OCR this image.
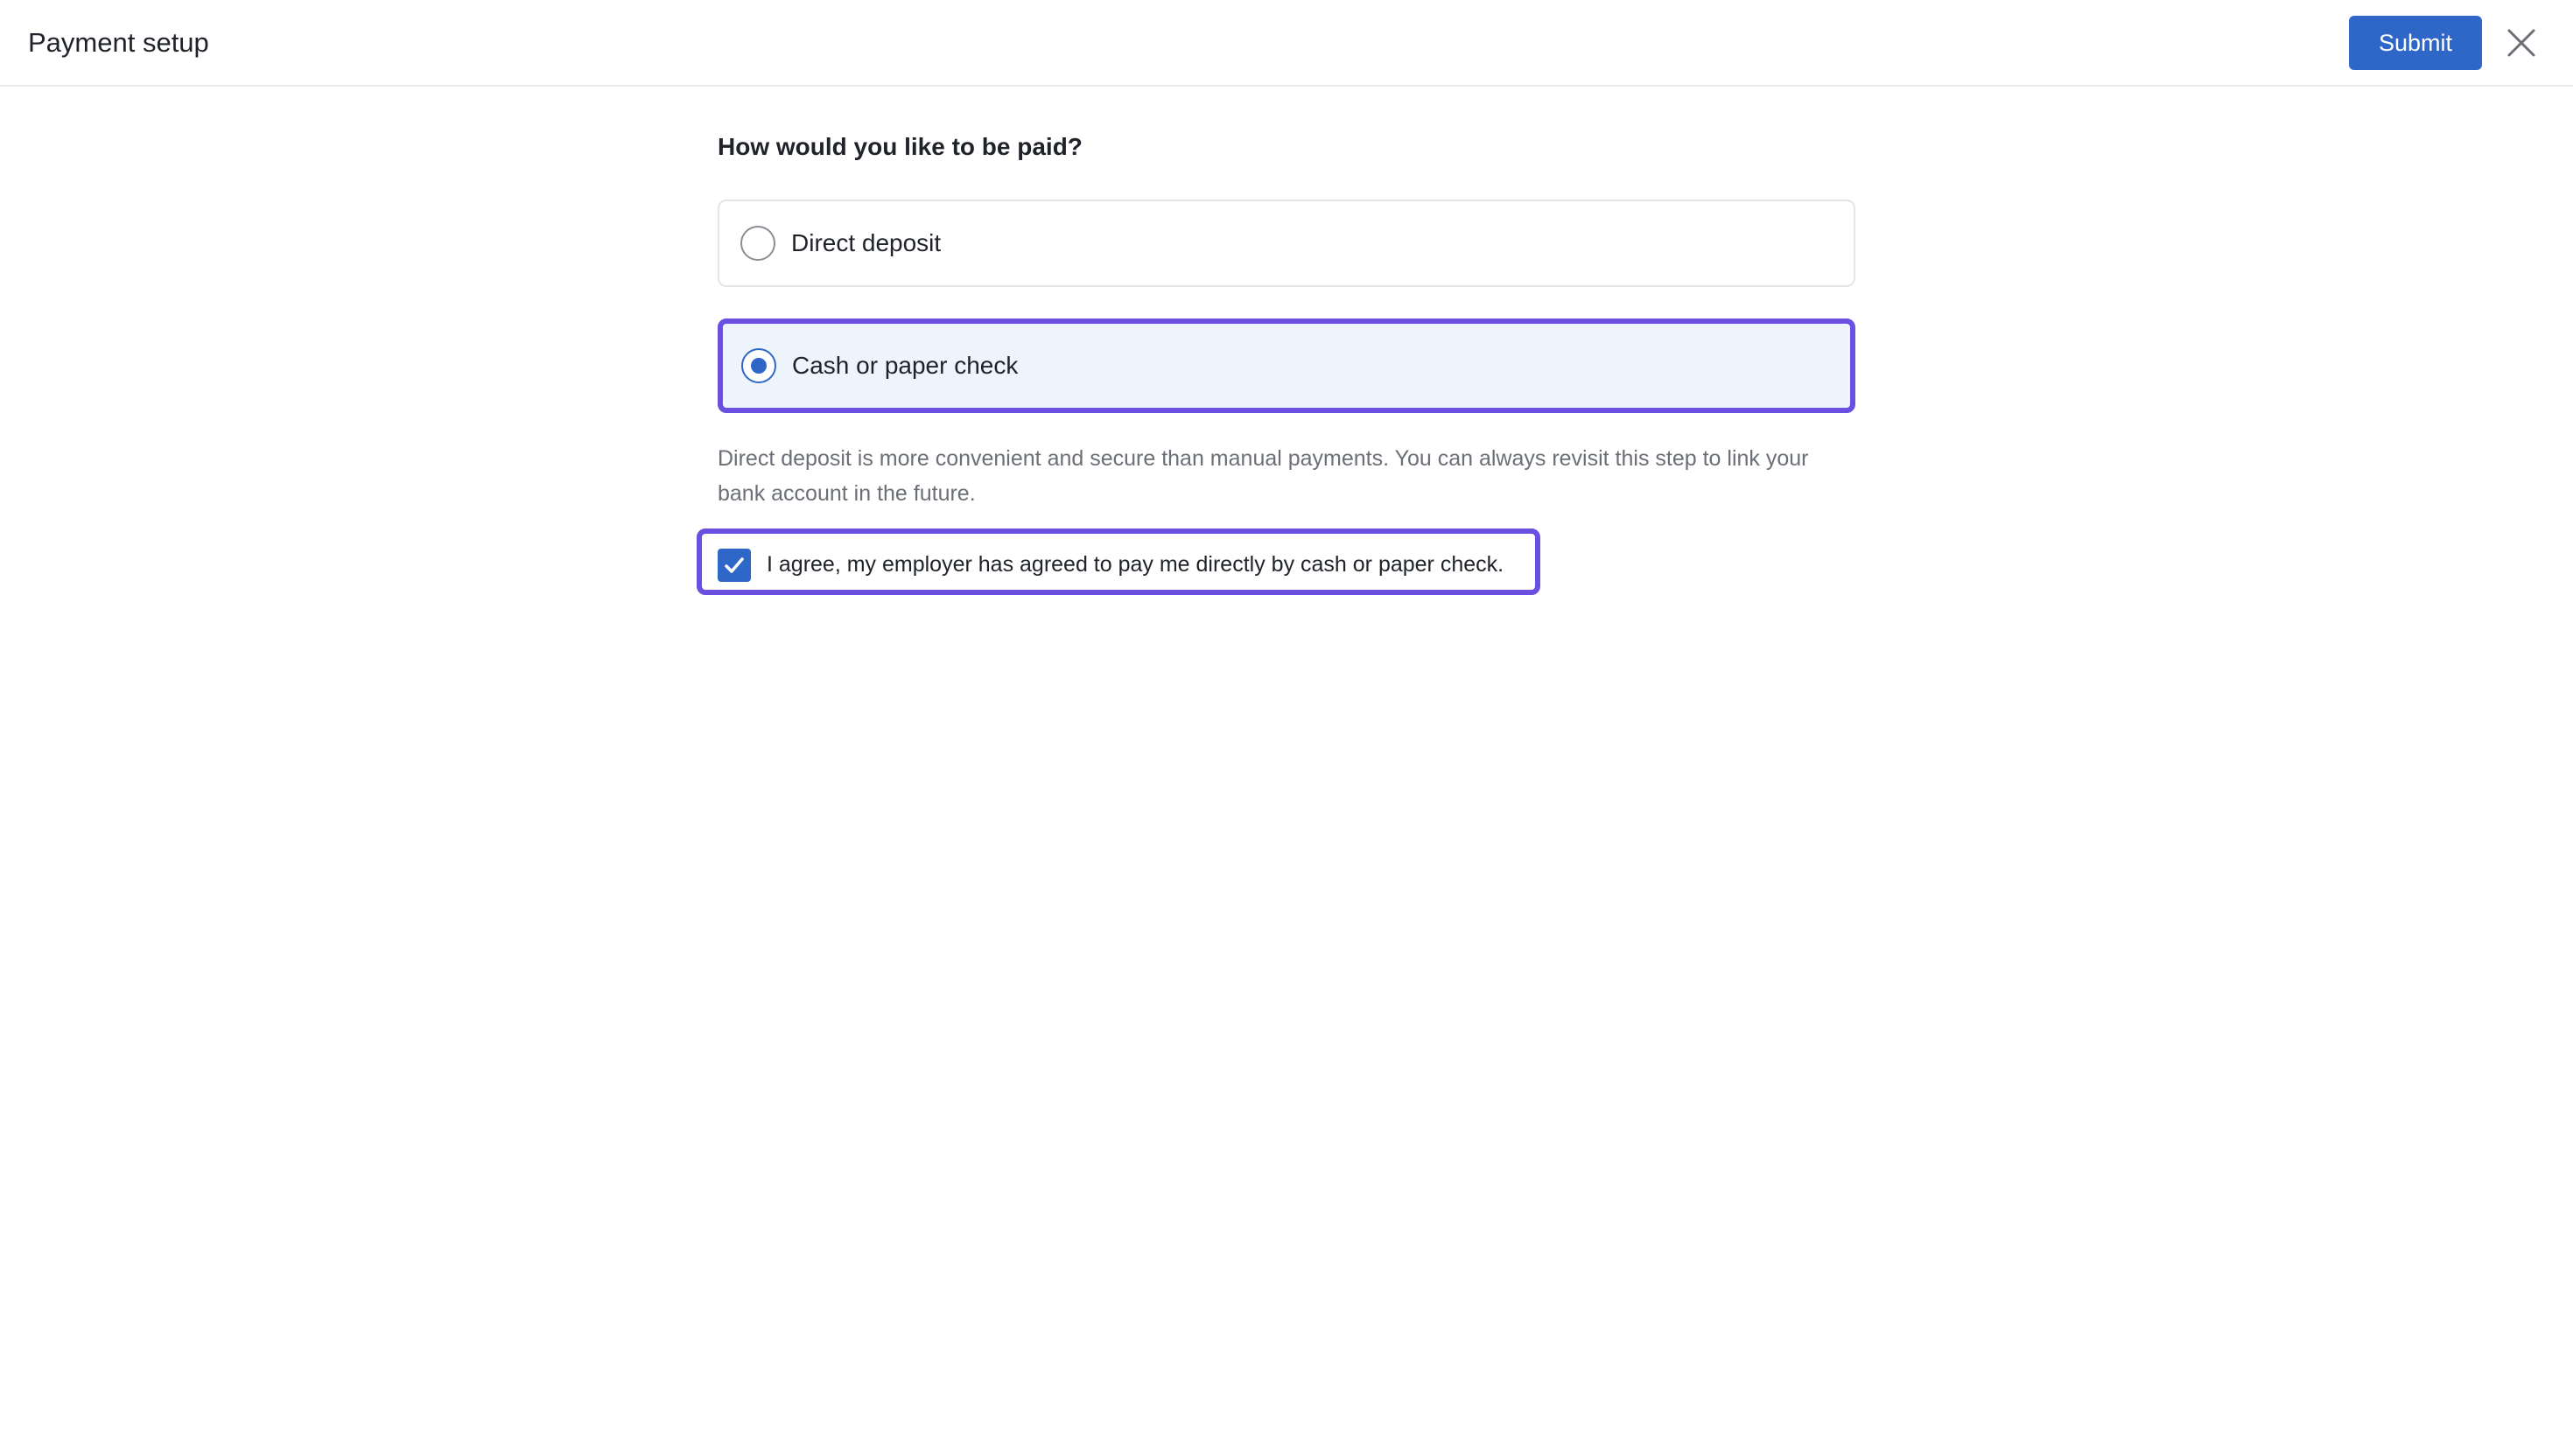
Payment setup	Submit
How would you like to be paid?
Direct deposit
Cash or paper check
Direct deposit is more convenient and secure than manual payments. You can always revisit this step to link your bank account in the future.
I agree, my employer has agreed to pay me directly by cash or paper check.
